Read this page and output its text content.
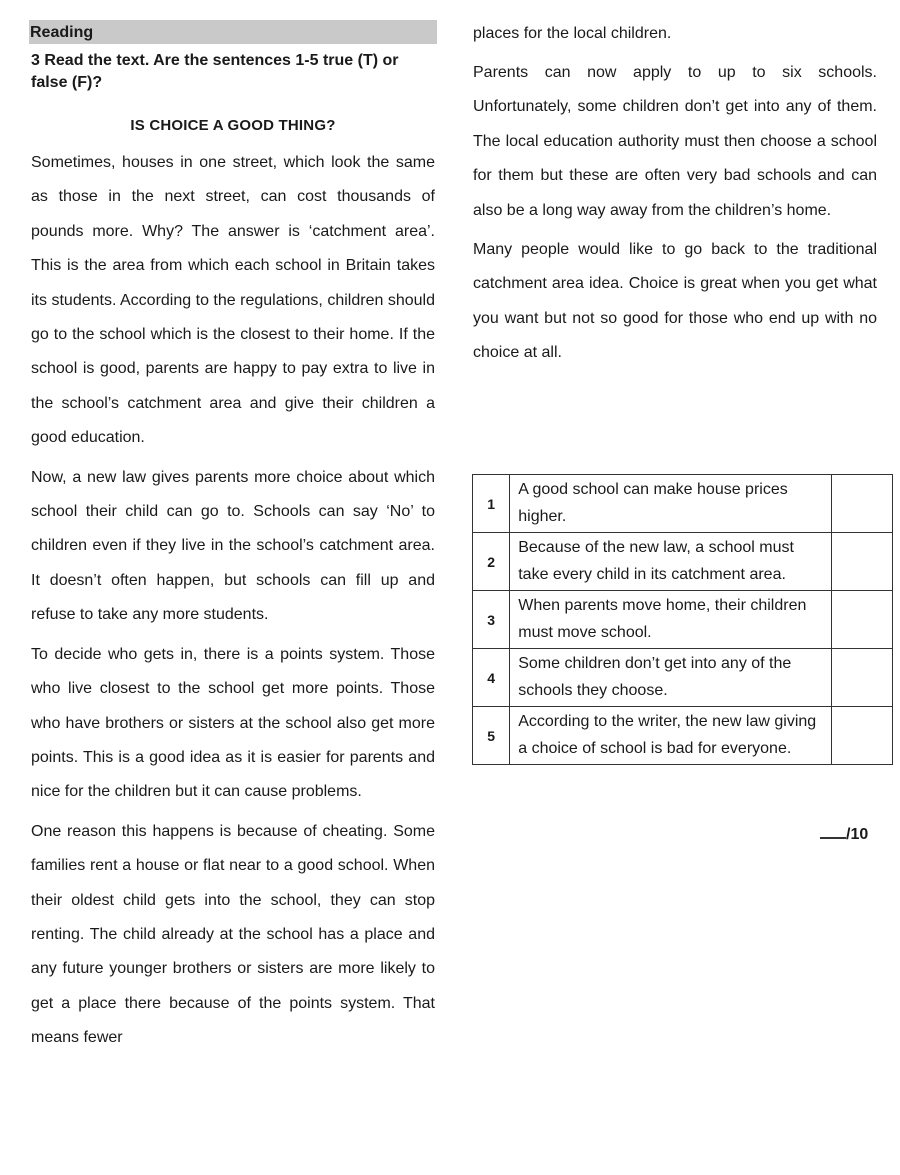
Reading
3 Read the text. Are the sentences 1-5 true (T) or false (F)?
IS CHOICE A GOOD THING?

Sometimes, houses in one street, which look the same as those in the next street, can cost thousands of pounds more. Why? The answer is ‘catchment area’. This is the area from which each school in Britain takes its students. According to the regulations, children should go to the school which is the closest to their home. If the school is good, parents are happy to pay extra to live in the school’s catchment area and give their children a good education.

Now, a new law gives parents more choice about which school their child can go to. Schools can say ‘No’ to children even if they live in the school’s catchment area. It doesn’t often happen, but schools can fill up and refuse to take any more students.

To decide who gets in, there is a points system. Those who live closest to the school get more points. Those who have brothers or sisters at the school also get more points. This is a good idea as it is easier for parents and nice for the children but it can cause problems.

One reason this happens is because of cheating. Some families rent a house or flat near to a good school. When their oldest child gets into the school, they can stop renting. The child already at the school has a place and any future younger brothers or sisters are more likely to get a place there because of the points system. That means fewer

places for the local children.

Parents can now apply to up to six schools. Unfortunately, some children don’t get into any of them. The local education authority must then choose a school for them but these are often very bad schools and can also be a long way away from the children’s home.

Many people would like to go back to the traditional catchment area idea. Choice is great when you get what you want but not so good for those who end up with no choice at all.

1	A good school can make house prices higher.	
2	Because of the new law, a school must take every child in its catchment area.	
3	When parents move home, their children must move school.	
4	Some children don’t get into any of the schools they choose.	
5	According to the writer, the new law giving a choice of school is bad for everyone.	
/10
